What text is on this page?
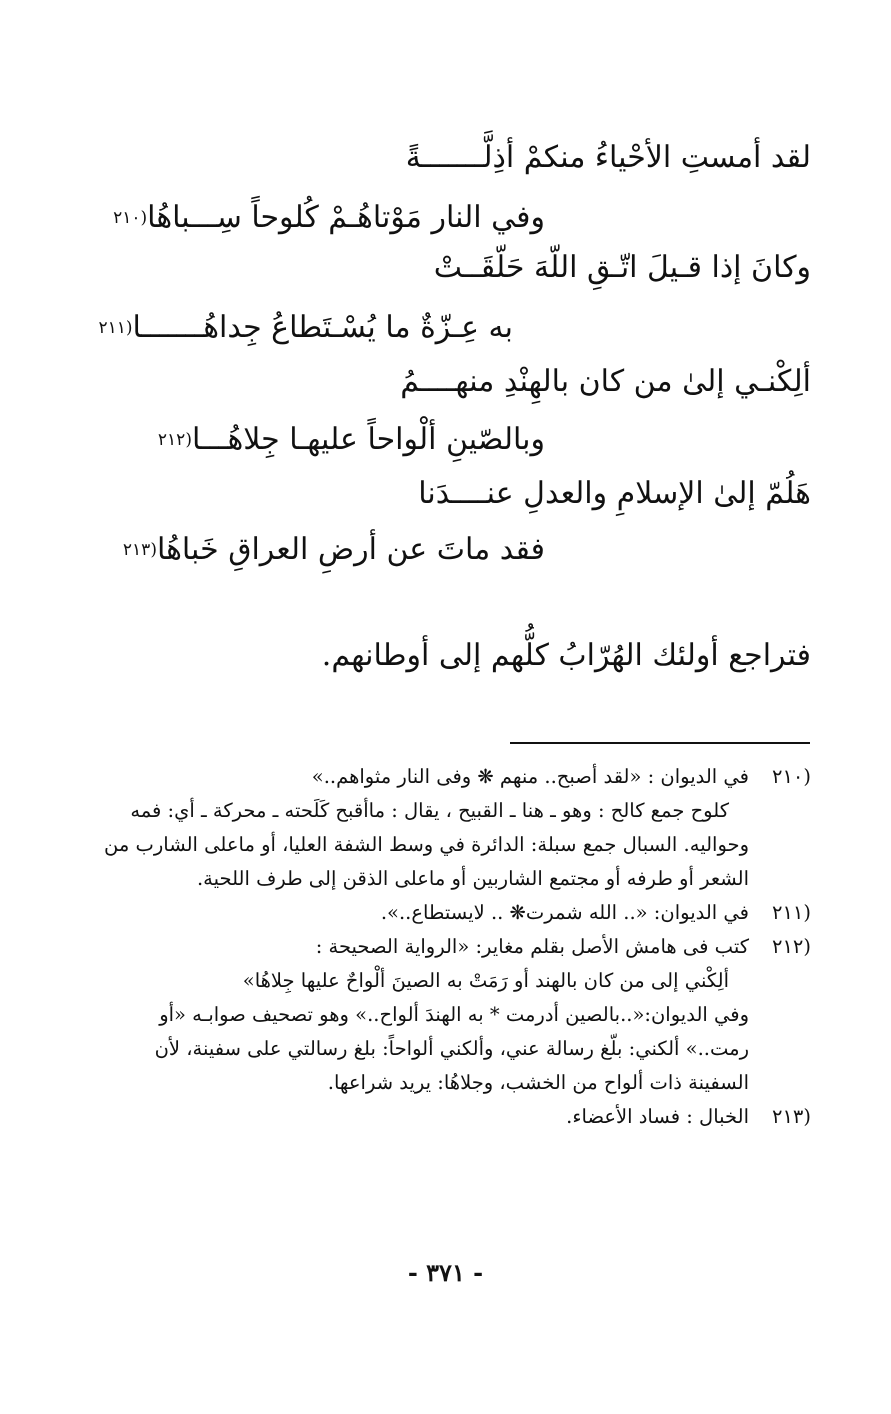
لقد أمستِ الأحْياءُ منكمْ أذِلَّـــــــةً
وفي النار مَوْتاهُـمْ كُلوحاً سِـــباهُا$^{(٢١٠}$
وكانَ إذا قـيلَ اتّـقِ اللّهَ حَلّقَــتْ
به عِـزّةٌ ما يُسْـتَطاعُ جِداهُـــــــا$^{(٢١١}$
ألِكْنـي إلىٰ من كان بالهِنْدِ منهــــمُ
وبالصّينِ ألْواحاً عليهـا جِلاهُـــا$^{(٢١٢}$
هَلُمّ إلىٰ الإسلامِ والعدلِ عنــــدَنا
فقد ماتَ عن أرضِ العراقِ خَباهُا$^{(٢١٣}$
فتراجع أولئك الهُرّابُ كلُّهم إلى أوطانهم.
(٢١٠
في الديوان : «لقد أصبح.. منهم ❋ وفى النار مثواهم..»
كلوح جمع كالح : وهو ـ هنا ـ القبيح ، يقال : ماأقبح كَلَحته ـ محركة ـ أي: فمه
وحواليه. السبال جمع سبلة: الدائرة في وسط الشفة العليا، أو ماعلى الشارب من
الشعر أو طرفه أو مجتمع الشاربين أو ماعلى الذقن إلى طرف اللحية.
(٢١١
في الديوان: «.. الله شمرت❋ .. لايستطاع..».
(٢١٢
كتب فى هامش الأصل بقلم مغاير: «الرواية الصحيحة :
ألِكْني إلى من كان بالهند أو رَمَتْ به الصينَ ألْواحٌ عليها جِلاهُا»
وفي الديوان:«..بالصين أدرمت * به الهندَ ألواح..» وهو تصحيف صوابـه «أو
رمت..» ألكني: بلّغ رسالة عني، وألكني ألواحاً: بلغ رسالتي على سفينة، لأن
السفينة ذات ألواح من الخشب، وجلاهُا: يريد شراعها.
(٢١٣
الخبال : فساد الأعضاء.
- ٣٧١ -
